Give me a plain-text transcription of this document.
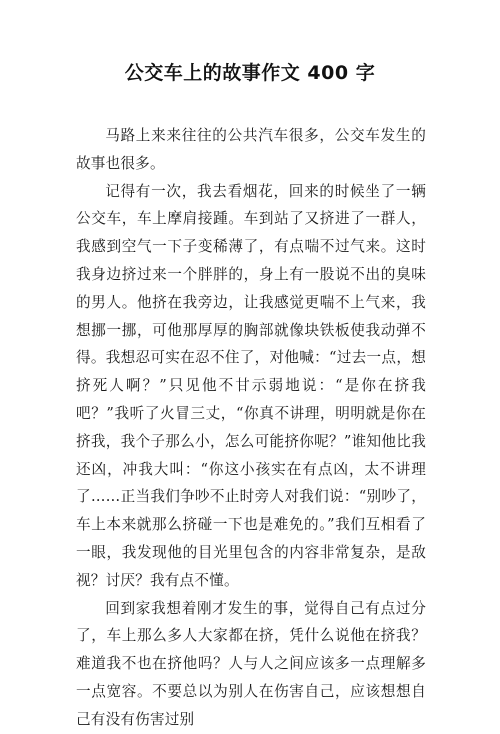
公交车上的故事作文 400 字

马路上来来往往的公共汽车很多，公交车发生的故事也很多。

记得有一次，我去看烟花，回来的时候坐了一辆公交车，车上摩肩接踵。车到站了又挤进了一群人，我感到空气一下子变稀薄了，有点喘不过气来。这时我身边挤过来一个胖胖的，身上有一股说不出的臭味的男人。他挤在我旁边，让我感觉更喘不上气来，我想挪一挪，可他那厚厚的胸部就像块铁板使我动弹不得。我想忍可实在忍不住了，对他喊：“过去一点，想挤死人啊？”只见他不甘示弱地说：“是你在挤我吧？”我听了火冒三丈，“你真不讲理，明明就是你在挤我，我个子那么小，怎么可能挤你呢？”谁知他比我还凶，冲我大叫：“你这小孩实在有点凶，太不讲理了……正当我们争吵不止时旁人对我们说：“别吵了，车上本来就那么挤碰一下也是难免的。”我们互相看了一眼，我发现他的目光里包含的内容非常复杂，是敌视？讨厌？我有点不懂。

回到家我想着刚才发生的事，觉得自己有点过分了，车上那么多人大家都在挤，凭什么说他在挤我？难道我不也在挤他吗？人与人之间应该多一点理解多一点宽容。不要总以为别人在伤害自己，应该想想自己有没有伤害过别
